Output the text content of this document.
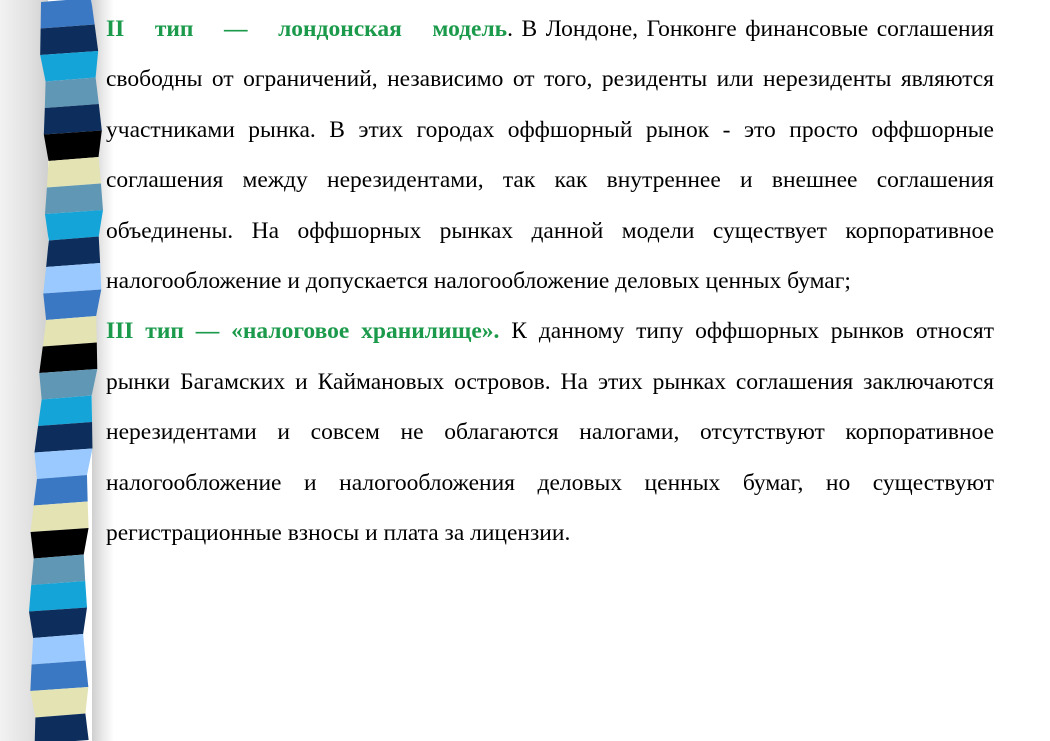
II тип — лондонская модель. В Лондоне, Гонконге финансовые соглашения свободны от ограничений, независимо от того, резиденты или нерезиденты являются участниками рынка. В этих городах оффшорный рынок - это просто оффшорные соглашения между нерезидентами, так как внутреннее и внешнее соглашения объединены. На оффшорных рынках данной модели существует корпоративное налогообложение и допускается налогообложение деловых ценных бумаг;

III тип — «налоговое хранилище». К данному типу оффшорных рынков относят рынки Багамских и Каймановых островов. На этих рынках соглашения заключаются нерезидентами и совсем не облагаются налогами, отсутствуют корпоративное налогообложение и налогообложения деловых ценных бумаг, но существуют регистрационные взносы и плата за лицензии.
